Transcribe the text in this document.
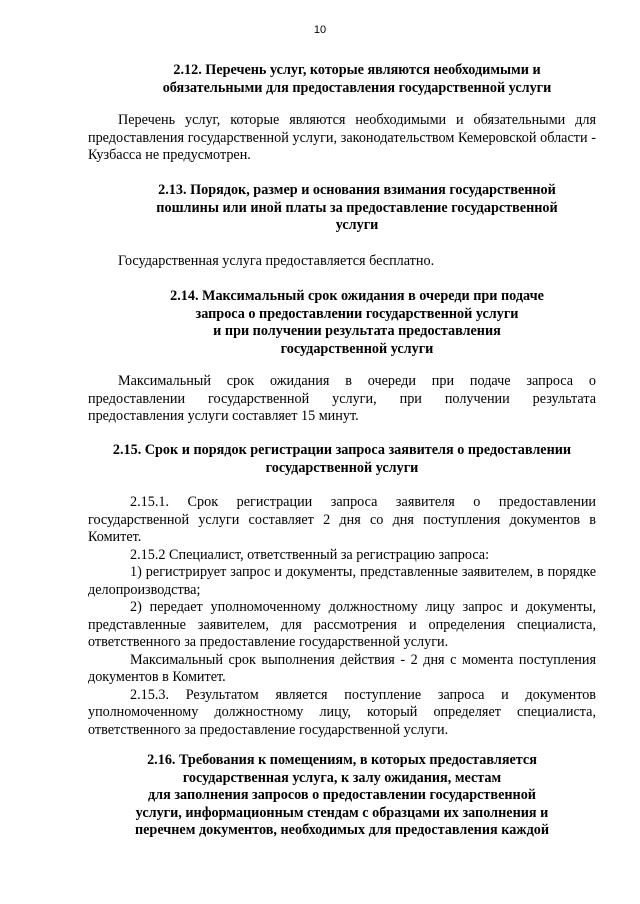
10
2.12. Перечень услуг, которые являются необходимыми и
обязательными для предоставления государственной услуги

Перечень услуг, которые являются необходимыми и обязательными для предоставления государственной услуги, законодательством Кемеровской области - Кузбасса не предусмотрен.

2.13. Порядок, размер и основания взимания государственной
пошлины или иной платы за предоставление государственной
услуги

Государственная услуга предоставляется бесплатно.

2.14. Максимальный срок ожидания в очереди при подаче
запроса о предоставлении государственной услуги
и при получении результата предоставления
государственной услуги

Максимальный срок ожидания в очереди при подаче запроса о предоставлении государственной услуги, при получении результата предоставления услуги составляет 15 минут.

2.15. Срок и порядок регистрации запроса заявителя о предоставлении
государственной услуги

2.15.1. Срок регистрации запроса заявителя о предоставлении государственной услуги составляет 2 дня со дня поступления документов в Комитет.

2.15.2 Специалист, ответственный за регистрацию запроса:

1) регистрирует запрос и документы, представленные заявителем, в порядке делопроизводства;

2) передает уполномоченному должностному лицу запрос и документы, представленные заявителем, для рассмотрения и определения специалиста, ответственного за предоставление государственной услуги.

Максимальный срок выполнения действия - 2 дня с момента поступления документов в Комитет.

2.15.3. Результатом является поступление запроса и документов уполномоченному должностному лицу, который определяет специалиста, ответственного за предоставление государственной услуги.

2.16. Требования к помещениям, в которых предоставляется
государственная услуга, к залу ожидания, местам
для заполнения запросов о предоставлении государственной
услуги, информационным стендам с образцами их заполнения и
перечнем документов, необходимых для предоставления каждой
